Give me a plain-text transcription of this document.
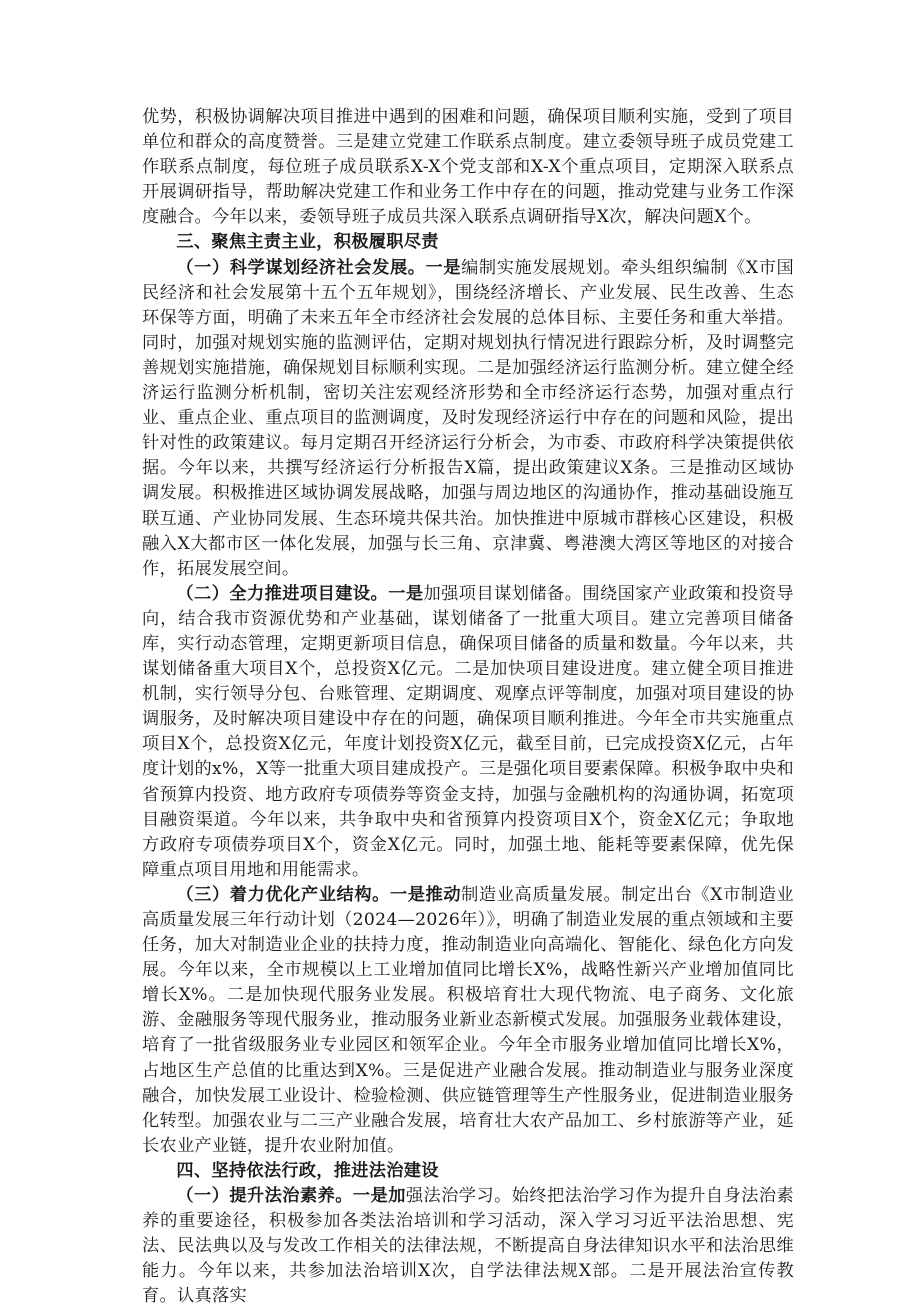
优势，积极协调解决项目推进中遇到的困难和问题，确保项目顺利实施，受到了项目单位和群众的高度赞誉。三是建立党建工作联系点制度。建立委领导班子成员党建工作联系点制度，每位班子成员联系X-X个党支部和X-X个重点项目，定期深入联系点开展调研指导，帮助解决党建工作和业务工作中存在的问题，推动党建与业务工作深度融合。今年以来，委领导班子成员共深入联系点调研指导X次，解决问题X个。

三、聚焦主责主业，积极履职尽责

（一）科学谋划经济社会发展。一是编制实施发展规划。牵头组织编制《X市国民经济和社会发展第十五个五年规划》，围绕经济增长、产业发展、民生改善、生态环保等方面，明确了未来五年全市经济社会发展的总体目标、主要任务和重大举措。同时，加强对规划实施的监测评估，定期对规划执行情况进行跟踪分析，及时调整完善规划实施措施，确保规划目标顺利实现。二是加强经济运行监测分析。建立健全经济运行监测分析机制，密切关注宏观经济形势和全市经济运行态势，加强对重点行业、重点企业、重点项目的监测调度，及时发现经济运行中存在的问题和风险，提出针对性的政策建议。每月定期召开经济运行分析会，为市委、市政府科学决策提供依据。今年以来，共撰写经济运行分析报告X篇，提出政策建议X条。三是推动区域协调发展。积极推进区域协调发展战略，加强与周边地区的沟通协作，推动基础设施互联互通、产业协同发展、生态环境共保共治。加快推进中原城市群核心区建设，积极融入X大都市区一体化发展，加强与长三角、京津冀、粤港澳大湾区等地区的对接合作，拓展发展空间。

（二）全力推进项目建设。一是加强项目谋划储备。围绕国家产业政策和投资导向，结合我市资源优势和产业基础，谋划储备了一批重大项目。建立完善项目储备库，实行动态管理，定期更新项目信息，确保项目储备的质量和数量。今年以来，共谋划储备重大项目X个，总投资X亿元。二是加快项目建设进度。建立健全项目推进机制，实行领导分包、台账管理、定期调度、观摩点评等制度，加强对项目建设的协调服务，及时解决项目建设中存在的问题，确保项目顺利推进。今年全市共实施重点项目X个，总投资X亿元，年度计划投资X亿元，截至目前，已完成投资X亿元，占年度计划的x%，X等一批重大项目建成投产。三是强化项目要素保障。积极争取中央和省预算内投资、地方政府专项债券等资金支持，加强与金融机构的沟通协调，拓宽项目融资渠道。今年以来，共争取中央和省预算内投资项目X个，资金X亿元；争取地方政府专项债券项目X个，资金X亿元。同时，加强土地、能耗等要素保障，优先保障重点项目用地和用能需求。

（三）着力优化产业结构。一是推动制造业高质量发展。制定出台《X市制造业高质量发展三年行动计划（2024—2026年）》，明确了制造业发展的重点领域和主要任务，加大对制造业企业的扶持力度，推动制造业向高端化、智能化、绿色化方向发展。今年以来，全市规模以上工业增加值同比增长X%，战略性新兴产业增加值同比增长X%。二是加快现代服务业发展。积极培育壮大现代物流、电子商务、文化旅游、金融服务等现代服务业，推动服务业新业态新模式发展。加强服务业载体建设，培育了一批省级服务业专业园区和领军企业。今年全市服务业增加值同比增长X%，占地区生产总值的比重达到X%。三是促进产业融合发展。推动制造业与服务业深度融合，加快发展工业设计、检验检测、供应链管理等生产性服务业，促进制造业服务化转型。加强农业与二三产业融合发展，培育壮大农产品加工、乡村旅游等产业，延长农业产业链，提升农业附加值。

四、坚持依法行政，推进法治建设

（一）提升法治素养。一是加强法治学习。始终把法治学习作为提升自身法治素养的重要途径，积极参加各类法治培训和学习活动，深入学习习近平法治思想、宪法、民法典以及与发改工作相关的法律法规，不断提高自身法律知识水平和法治思维能力。今年以来，共参加法治培训X次，自学法律法规X部。二是开展法治宣传教育。认真落实
